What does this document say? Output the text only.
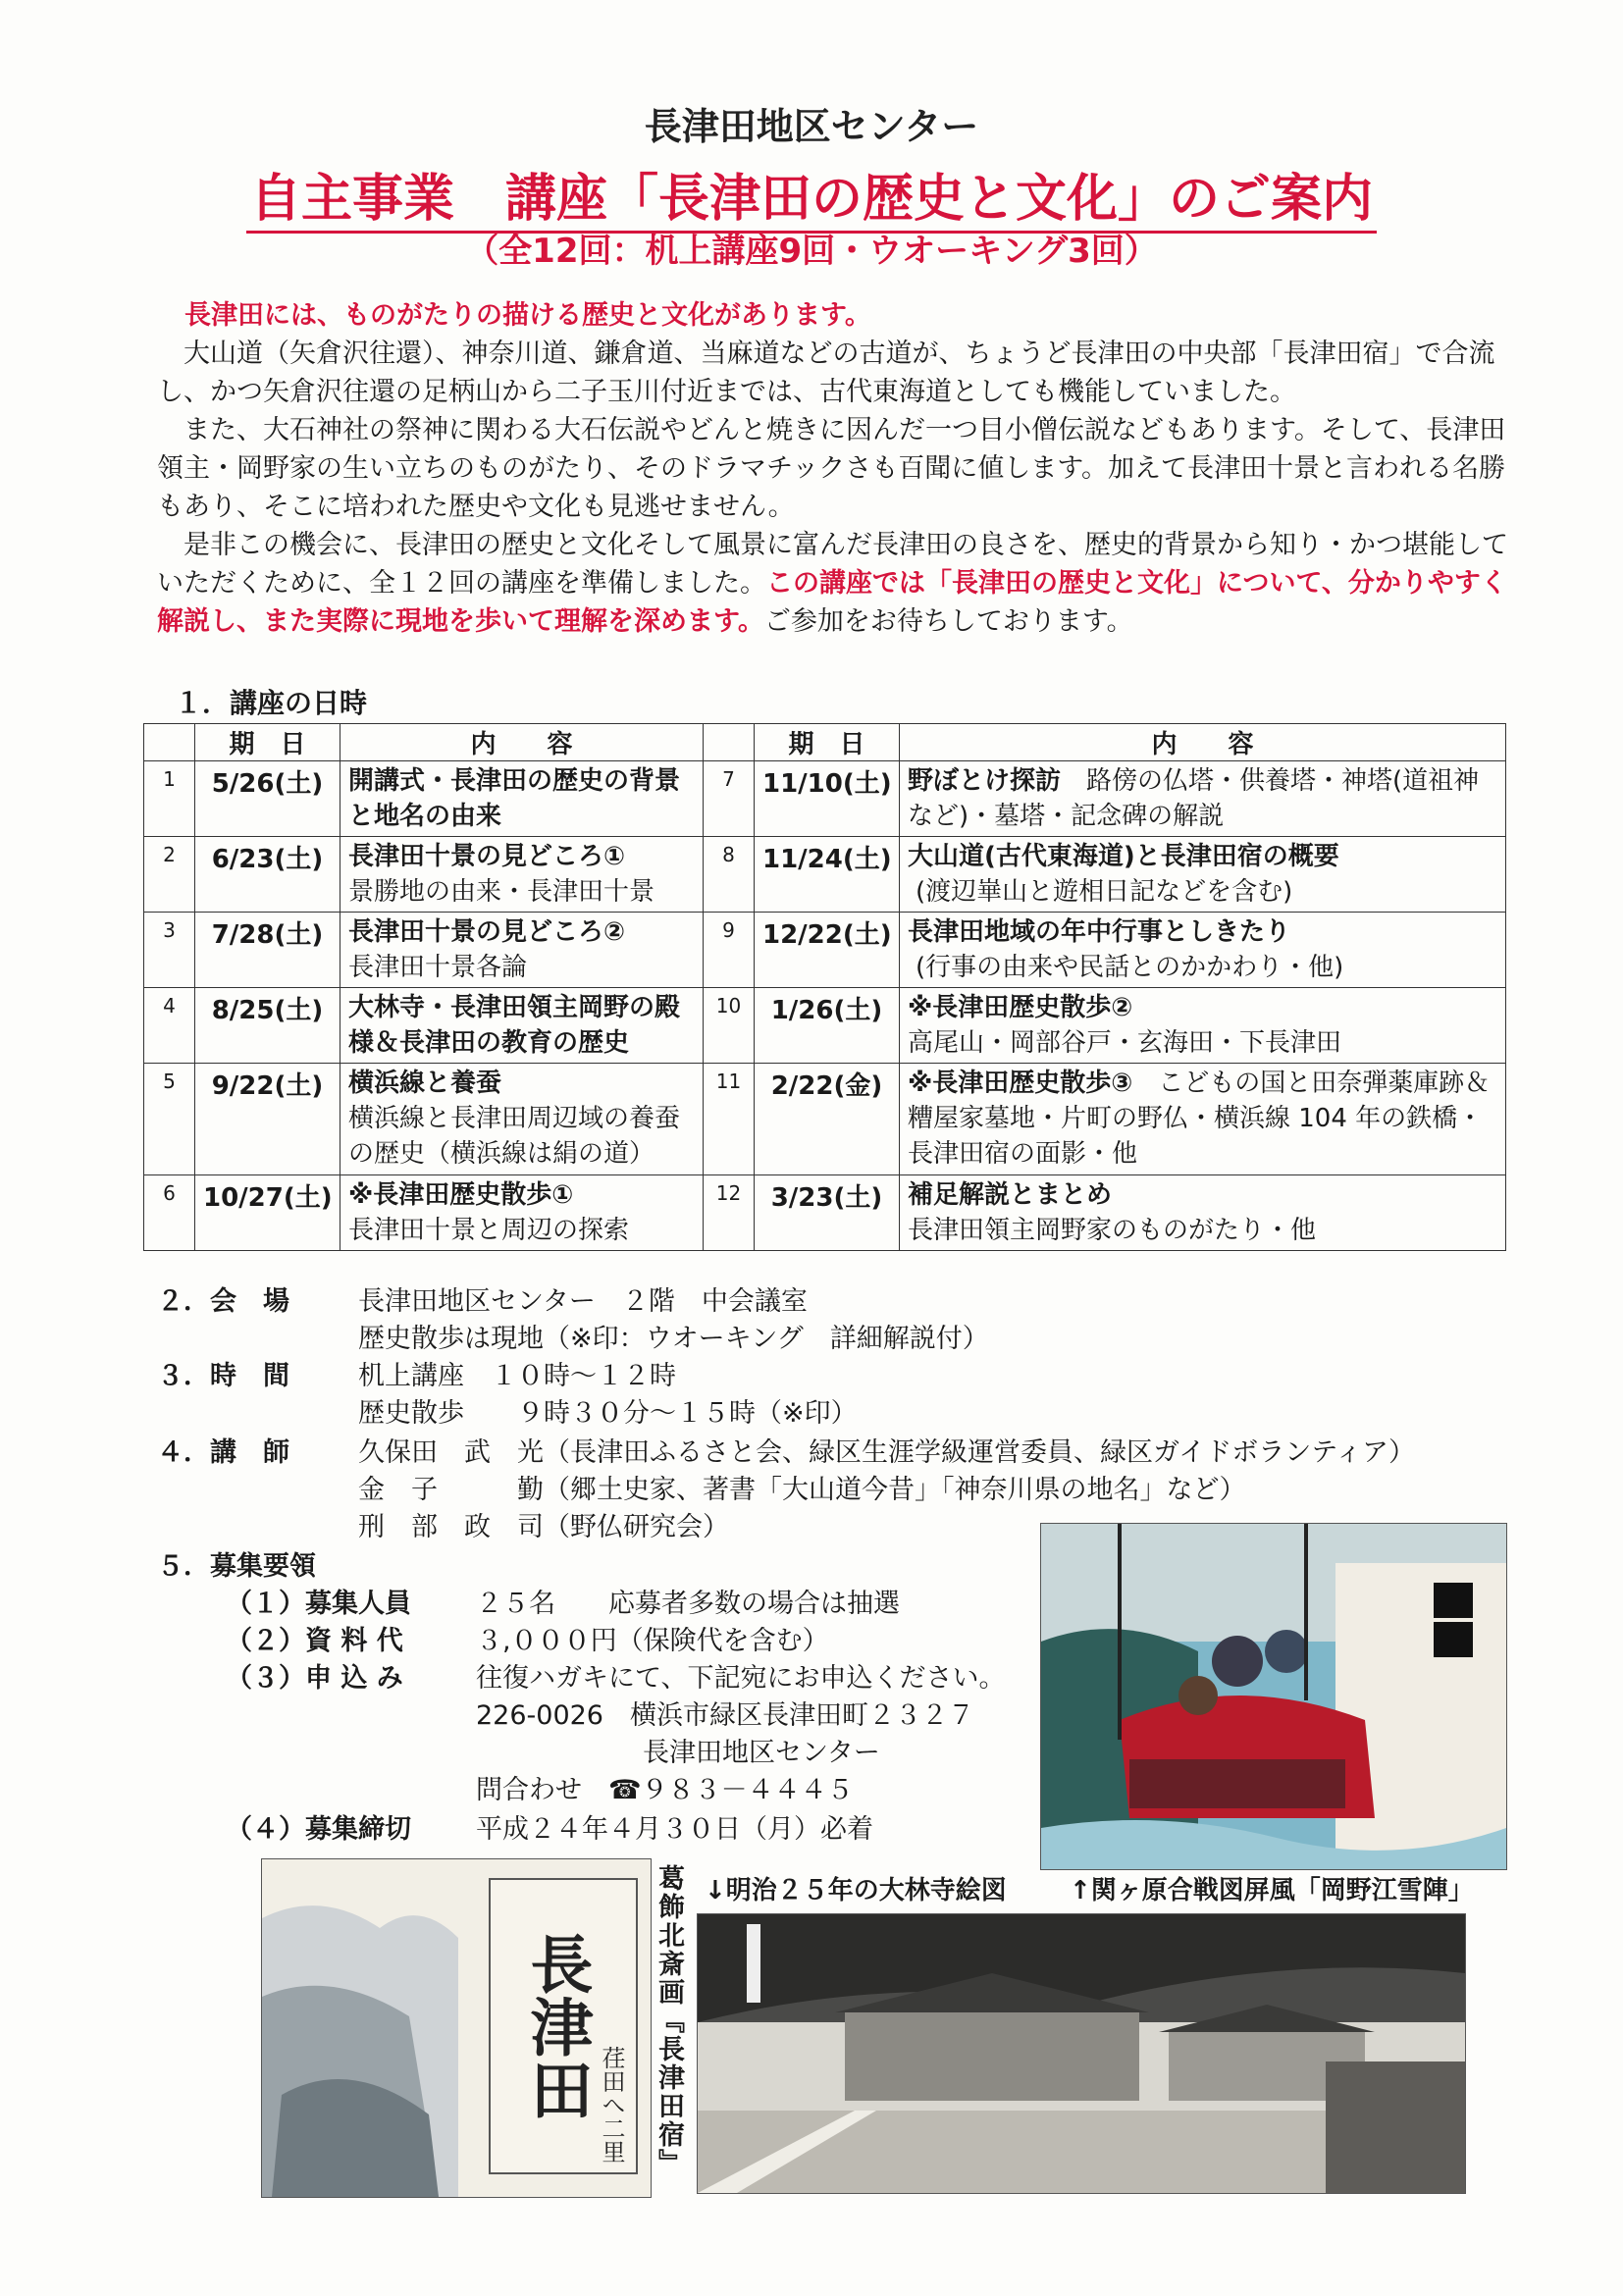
長津田地区センター
自主事業　講座「長津田の歴史と文化」のご案内
（全12回：机上講座9回・ウオーキング3回）

長津田には、ものがたりの描ける歴史と文化があります。

大山道（矢倉沢往還）、神奈川道、鎌倉道、当麻道などの古道が、ちょうど長津田の中央部「長津田宿」で合流し、かつ矢倉沢往還の足柄山から二子玉川付近までは、古代東海道としても機能していました。

また、大石神社の祭神に関わる大石伝説やどんと焼きに因んだ一つ目小僧伝説などもあります。そして、長津田領主・岡野家の生い立ちのものがたり、そのドラマチックさも百聞に値します。加えて長津田十景と言われる名勝もあり、そこに培われた歴史や文化も見逃せません。

是非この機会に、長津田の歴史と文化そして風景に富んだ長津田の良さを、歴史的背景から知り・かつ堪能していただくために、全１２回の講座を準備しました。この講座では「長津田の歴史と文化」について、分かりやすく解説し、また実際に現地を歩いて理解を深めます。ご参加をお待ちしております。

１．講座の日時
	期　日	内　　容		期　日	内　　容
1	5/26(土)	開講式・長津田の歴史の背景と地名の由来	7	11/10(土)	野ぼとけ探訪　路傍の仏塔・供養塔・神塔(道祖神など)・墓塔・記念碑の解説

2	6/23(土)	長津田十景の見どころ①
景勝地の由来・長津田十景	8	11/24(土)	大山道(古代東海道)と長津田宿の概要
(渡辺崋山と遊相日記などを含む)

3	7/28(土)	長津田十景の見どころ②
長津田十景各論	9	12/22(土)	長津田地域の年中行事としきたり
(行事の由来や民話とのかかわり・他)

4	8/25(土)	大林寺・長津田領主岡野の殿様＆長津田の教育の歴史	10	1/26(土)	※長津田歴史散歩②
高尾山・岡部谷戸・玄海田・下長津田

5	9/22(土)	横浜線と養蚕
横浜線と長津田周辺域の養蚕の歴史（横浜線は絹の道）	11	2/22(金)	※長津田歴史散歩③　こどもの国と田奈弾薬庫跡＆糟屋家墓地・片町の野仏・横浜線 104 年の鉄橋・長津田宿の面影・他

6	10/27(土)	※長津田歴史散歩①
長津田十景と周辺の探索	12	3/23(土)	補足解説とまとめ
長津田領主岡野家のものがたり・他
２．会　場	長津田地区センター　２階　中会議室
歴史散歩は現地（※印：ウオーキング　詳細解説付）
３．時　間	机上講座　１０時～１２時
歴史散歩　　９時３０分～１５時（※印）
４．講　師	久保田　武　光（長津田ふるさと会、緑区生涯学級運営委員、緑区ガイドボランティア）
金　子　　　勤（郷土史家、著書「大山道今昔」「神奈川県の地名」など）
刑　部　政　司（野仏研究会）
５．募集要領
（１）募集人員 ２５名　　応募者多数の場合は抽選
（２）資 料 代	３,０００円（保険代を含む）
（３）申 込 み	往復ハガキにて、下記宛にお申込ください。
226-0026　横浜市緑区長津田町２３２７
長津田地区センター
問合わせ　☎９８３－４４４５
（４）募集締切 平成２４年４月３０日（月）必着
長津田 荏田へ二里 葛飾北斎画『長津田宿』 ↓明治２５年の大林寺絵図 ↑関ヶ原合戦図屏風「岡野江雪陣」
